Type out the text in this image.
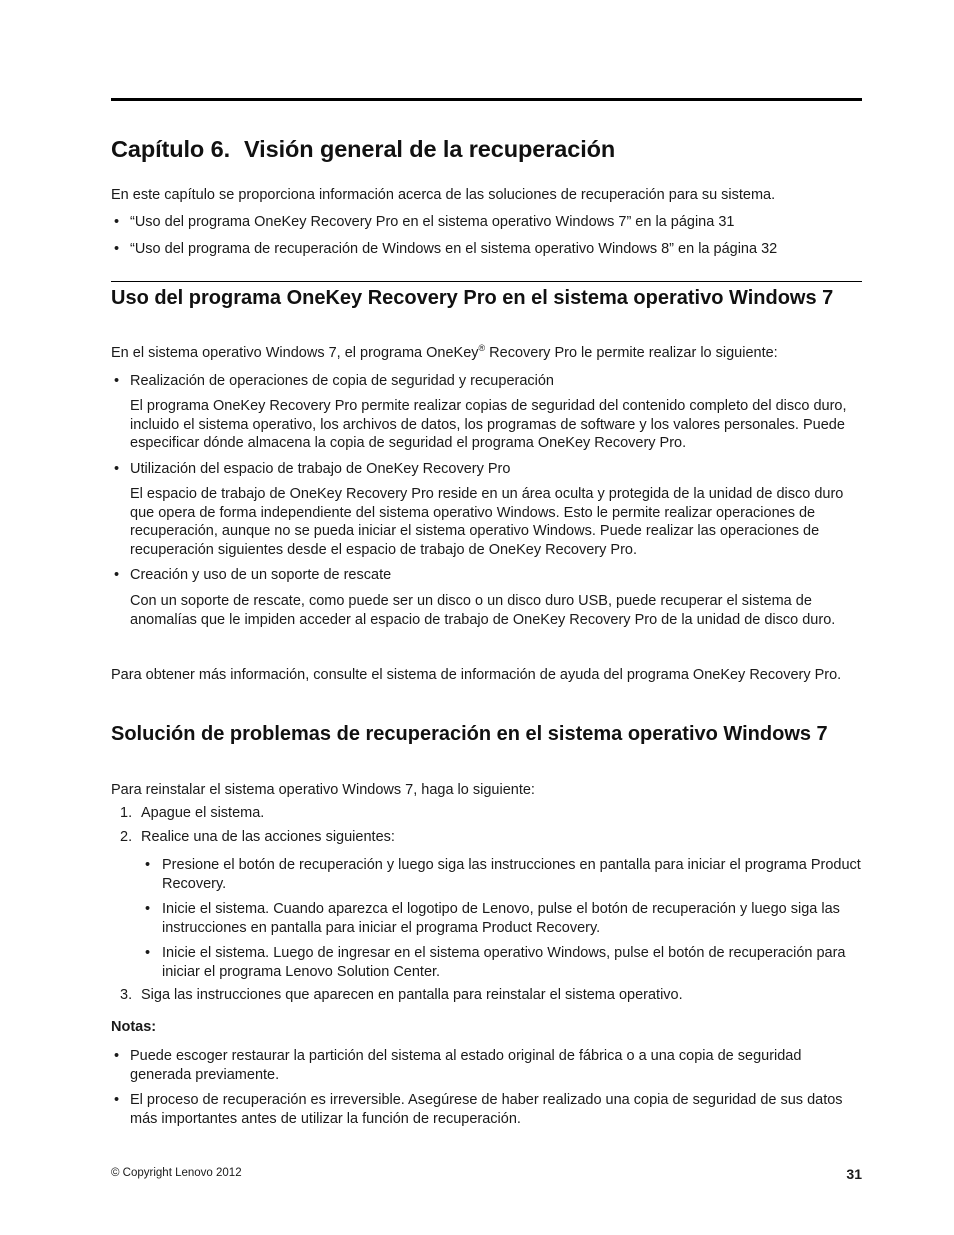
Capítulo 6. Visión general de la recuperación

En este capítulo se proporciona información acerca de las soluciones de recuperación para su sistema.

• “Uso del programa OneKey Recovery Pro en el sistema operativo Windows 7” en la página 31

• “Uso del programa de recuperación de Windows en el sistema operativo Windows 8” en la página 32

Uso del programa OneKey Recovery Pro en el sistema operativo Windows 7

En el sistema operativo Windows 7, el programa OneKey® Recovery Pro le permite realizar lo siguiente:

• Realización de operaciones de copia de seguridad y recuperación

El programa OneKey Recovery Pro permite realizar copias de seguridad del contenido completo del disco duro, incluido el sistema operativo, los archivos de datos, los programas de software y los valores personales. Puede especificar dónde almacena la copia de seguridad el programa OneKey Recovery Pro.

• Utilización del espacio de trabajo de OneKey Recovery Pro

El espacio de trabajo de OneKey Recovery Pro reside en un área oculta y protegida de la unidad de disco duro que opera de forma independiente del sistema operativo Windows. Esto le permite realizar operaciones de recuperación, aunque no se pueda iniciar el sistema operativo Windows. Puede realizar las operaciones de recuperación siguientes desde el espacio de trabajo de OneKey Recovery Pro.

• Creación y uso de un soporte de rescate

Con un soporte de rescate, como puede ser un disco o un disco duro USB, puede recuperar el sistema de anomalías que le impiden acceder al espacio de trabajo de OneKey Recovery Pro de la unidad de disco duro.

Para obtener más información, consulte el sistema de información de ayuda del programa OneKey Recovery Pro.

Solución de problemas de recuperación en el sistema operativo Windows 7

Para reinstalar el sistema operativo Windows 7, haga lo siguiente:

1. Apague el sistema.

2. Realice una de las acciones siguientes:

• Presione el botón de recuperación y luego siga las instrucciones en pantalla para iniciar el programa Product Recovery.

• Inicie el sistema. Cuando aparezca el logotipo de Lenovo, pulse el botón de recuperación y luego siga las instrucciones en pantalla para iniciar el programa Product Recovery.

• Inicie el sistema. Luego de ingresar en el sistema operativo Windows, pulse el botón de recuperación para iniciar el programa Lenovo Solution Center.

3. Siga las instrucciones que aparecen en pantalla para reinstalar el sistema operativo.

Notas:

• Puede escoger restaurar la partición del sistema al estado original de fábrica o a una copia de seguridad generada previamente.

• El proceso de recuperación es irreversible. Asegúrese de haber realizado una copia de seguridad de sus datos más importantes antes de utilizar la función de recuperación.

© Copyright Lenovo 2012	31
